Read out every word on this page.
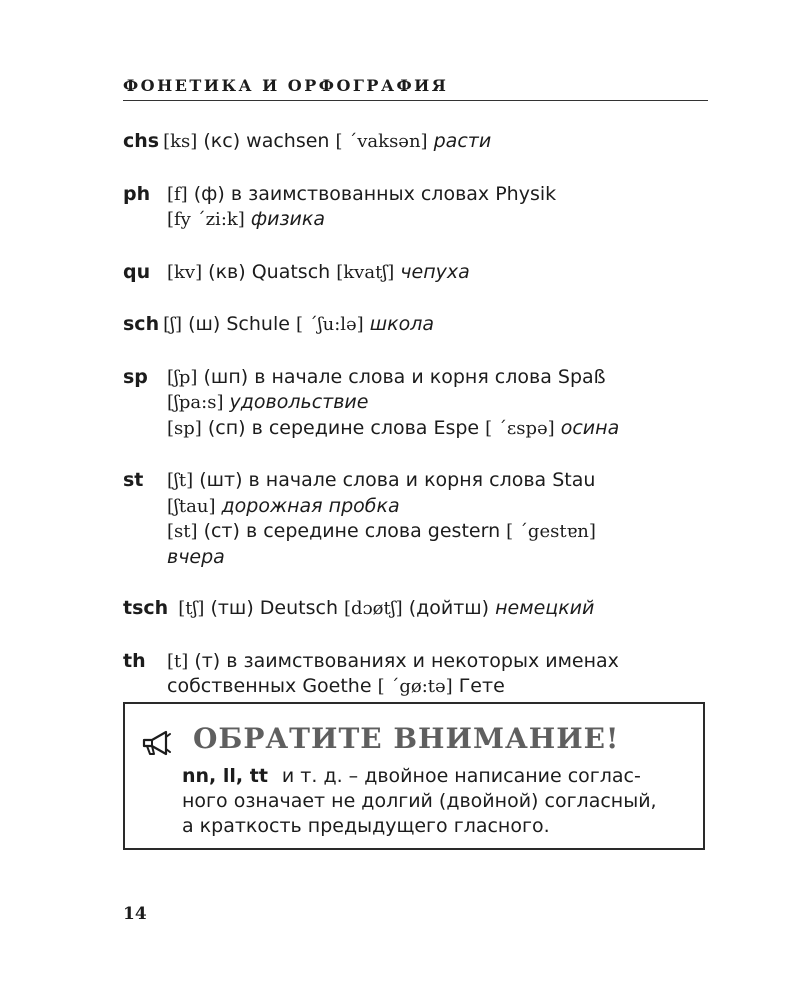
ФОНЕТИКА И ОРФОГРАФИЯ
chs [ks] (кс) wachsen [ ´vaksən] расти
ph [f] (ф) в заимствованных словах Physik
[fy ´zi:k] физика
qu [kv] (кв) Quatsch [kvatʃ] чепуха
sch [ʃ] (ш) Schule [ ´ʃu:lə] школа
sp [ʃp] (шп) в начале слова и корня слова Spaß
[ʃpa:s] удовольствие
[sp] (сп) в середине слова Espe [ ´ɛspə] осина
st [ʃt] (шт) в начале слова и корня слова Stau
[ʃtau] дорожная пробка
[st] (ст) в середине слова gestern [ ´gestɐn]
вчера
tsch [tʃ] (тш) Deutsch [dɔøtʃ] (дойтш) немецкий
th [t] (т) в заимствованиях и некоторых именах
собственных Goethe [ ´gø:tə] Гете
ОБРАТИТЕ ВНИМАНИЕ!
nn, ll, tt и т. д. – двойное написание соглас-
ного означает не долгий (двойной) согласный,
а краткость предыдущего гласного.
14
